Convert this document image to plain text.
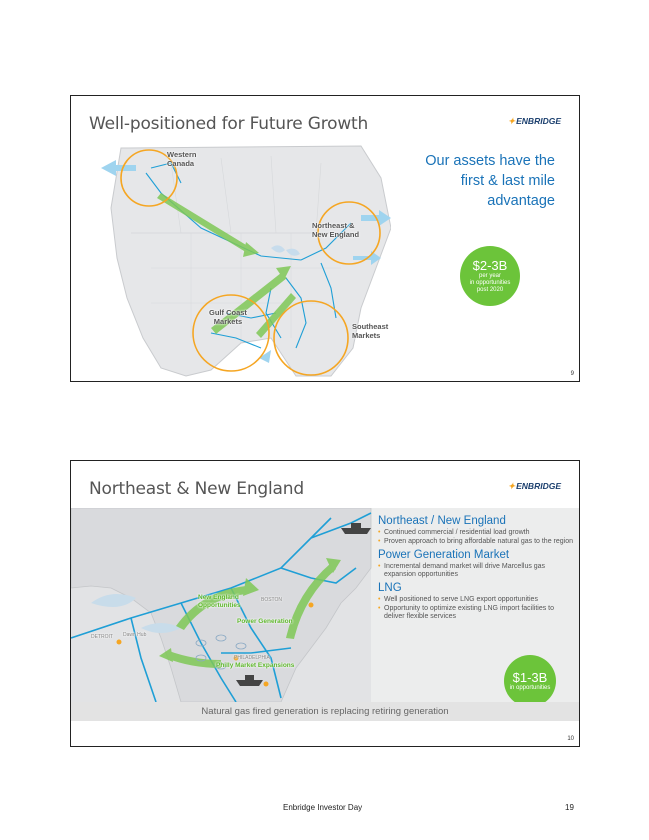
Well-positioned for Future Growth	✦ENBRIDGE
Western
Canada
Northeast &
New England
Gulf Coast
Markets
Southeast
Markets
Our assets have the first & last mile advantage
$2-3B
per year
in opportunities
post 2020
9
Northeast & New England	✦ENBRIDGE
New England
Opportunities
Power Generation
Philly Market Expansions
BOSTON
DETROIT Dawn Hub
PHILADELPHIA
Northeast / New England
• Continued commercial / residential load growth
• Proven approach to bring affordable natural gas to the region
Power Generation Market
• Incremental demand market will drive Marcellus gas expansion opportunities
LNG
• Well positioned to serve LNG export opportunities
• Opportunity to optimize existing LNG import facilities to deliver flexible services
$1-3B
in opportunities
Natural gas fired generation is replacing retiring generation
10
Enbridge Investor Day	19
